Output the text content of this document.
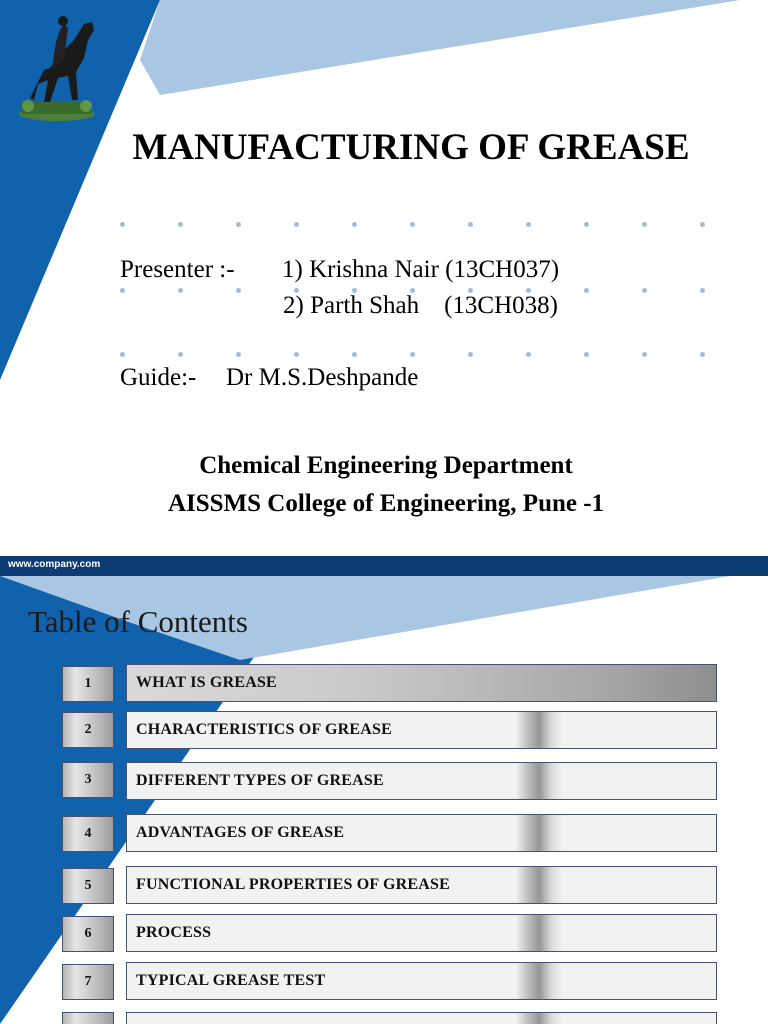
MANUFACTURING OF GREASE
Presenter :- 1) Krishna Nair (13CH037)
2) Parth Shah    (13CH038)
Guide:- Dr M.S.Deshpande
Chemical Engineering Department
AISSMS College of Engineering, Pune -1
www.company.com
Table of Contents
1	WHAT IS GREASE
2	CHARACTERISTICS OF GREASE
3	DIFFERENT TYPES OF GREASE
4	ADVANTAGES OF GREASE
5	FUNCTIONAL PROPERTIES OF GREASE
6	PROCESS
7	TYPICAL GREASE TEST
